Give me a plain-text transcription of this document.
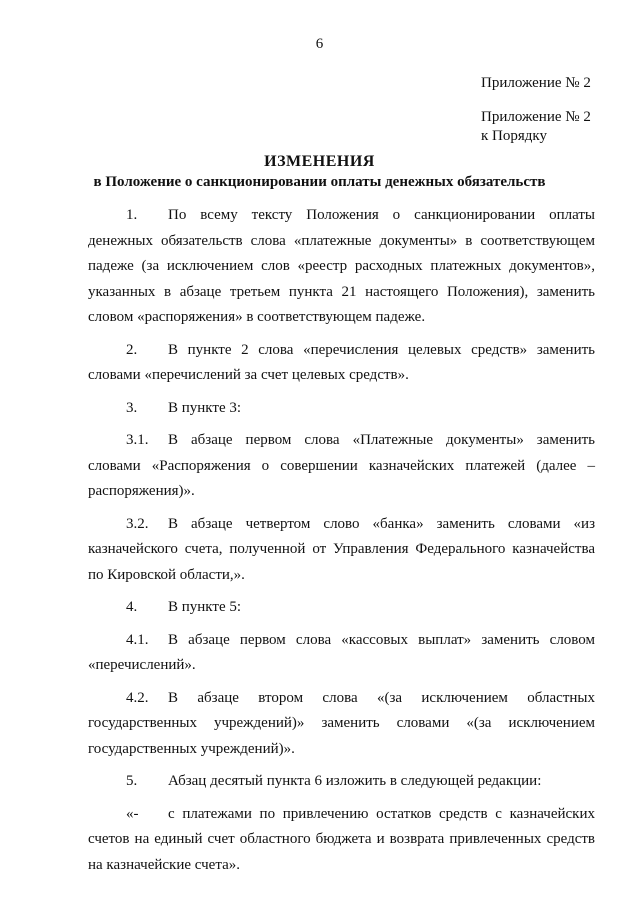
6
Приложение № 2
Приложение № 2
к Порядку
ИЗМЕНЕНИЯ
в Положение о санкционировании оплаты денежных обязательств

1. По всему тексту Положения о санкционировании оплаты денежных обязательств слова «платежные документы» в соответствующем падеже (за исключением слов «реестр расходных платежных документов», указанных в абзаце третьем пункта 21 настоящего Положения), заменить словом «распоряжения» в соответствующем падеже.

2. В пункте 2 слова «перечисления целевых средств» заменить словами «перечислений за счет целевых средств».

3. В пункте 3:

3.1. В абзаце первом слова «Платежные документы» заменить словами «Распоряжения о совершении казначейских платежей (далее – распоряжения)».

3.2. В абзаце четвертом слово «банка» заменить словами «из казначейского счета, полученной от Управления Федерального казначейства по Кировской области,».

4. В пункте 5:

4.1. В абзаце первом слова «кассовых выплат» заменить словом «перечислений».

4.2. В абзаце втором слова «(за исключением областных государственных учреждений)» заменить словами «(за исключением государственных учреждений)».

5. Абзац десятый пункта 6 изложить в следующей редакции:

«- с платежами по привлечению остатков средств с казначейских счетов на единый счет областного бюджета и возврата привлеченных средств на казначейские счета».
